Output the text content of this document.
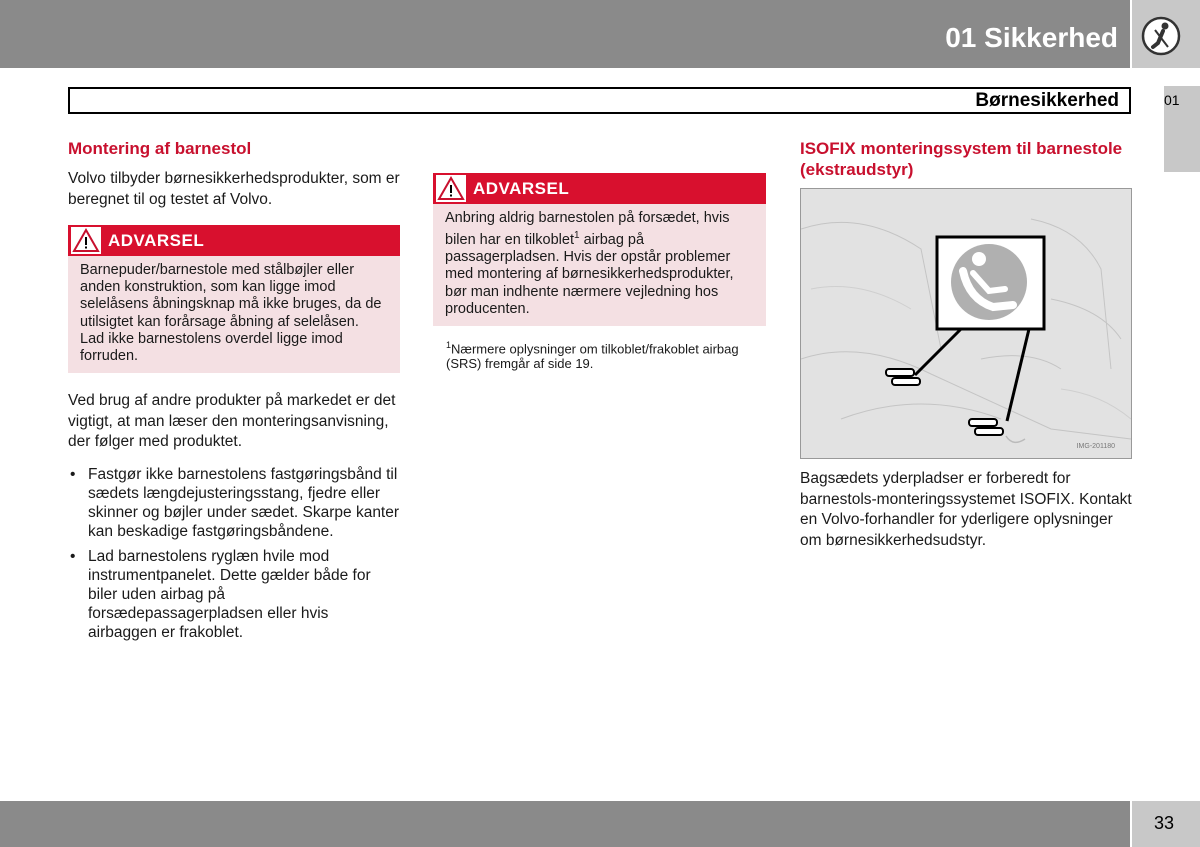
01 Sikkerhed
Børnesikkerhed	01
Montering af barnestol

Volvo tilbyder børnesikkerhedsprodukter, som er beregnet til og testet af Volvo.

ADVARSEL
Barnepuder/barnestole med stålbøjler eller anden konstruktion, som kan ligge imod selelåsens åbningsknap må ikke bruges, da de utilsigtet kan forårsage åbning af selelåsen.
Lad ikke barnestolens overdel ligge imod forruden.

Ved brug af andre produkter på markedet er det vigtigt, at man læser den monteringsanvisning, der følger med produktet.

• Fastgør ikke barnestolens fastgøringsbånd til sædets længdejusteringsstang, fjedre eller skinner og bøjler under sædet. Skarpe kanter kan beskadige fastgøringsbåndene.
• Lad barnestolens ryglæn hvile mod instrumentpanelet. Dette gælder både for biler uden airbag på forsædepassagerpladsen eller hvis airbaggen er frakoblet.
ADVARSEL
Anbring aldrig barnestolen på forsædet, hvis bilen har en tilkoblet$^1$ airbag på passagerpladsen. Hvis der opstår problemer med montering af børnesikkerhedsprodukter, bør man indhente nærmere vejledning hos producenten.
$^1$Nærmere oplysninger om tilkoblet/frakoblet airbag (SRS) fremgår af side 19.
ISOFIX monteringssystem til barnestole (ekstraudstyr)
IMG-201180

Bagsædets yderpladser er forberedt for barnestols-monteringssystemet ISOFIX. Kontakt en Volvo-forhandler for yderligere oplysninger om børnesikkerhedsudstyr.

33
